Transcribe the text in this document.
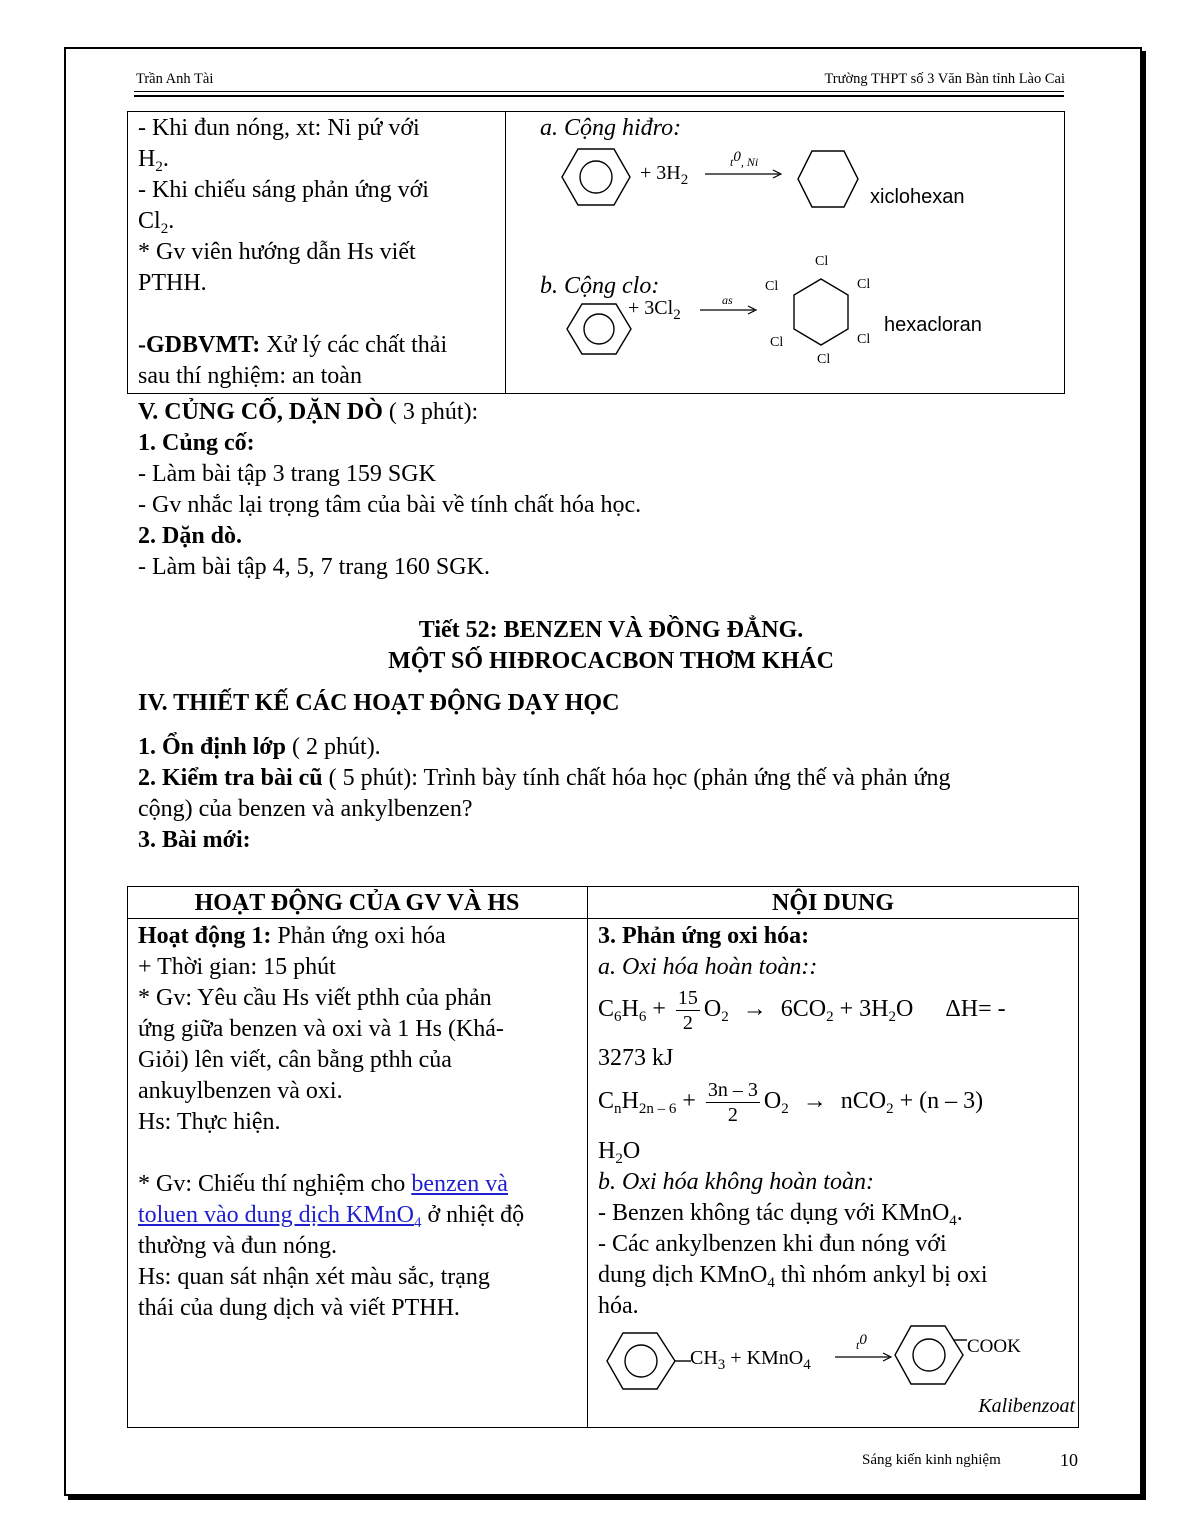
Trần Anh Tài	Trường THPT số 3 Văn Bàn tỉnh Lào Cai
- Khi đun nóng, xt: Ni pứ với
$H_2$.
- Khi chiếu sáng phản ứng với
$Cl_2$.
* Gv viên hướng dẫn Hs viết
PTHH.
-GDBVMT: Xử lý các chất thải
sau thí nghiệm: an toàn
a. Cộng hiđro:
+ $3H_2$
$t^0$, Ni
xiclohexan
b. Cộng clo:
+ $3Cl_2$
as
Cl
Cl	Cl
Cl	Cl
Cl
hexacloran
V. CỦNG CỐ, DẶN DÒ ( 3 phút):
1. Củng cố:
- Làm bài tập 3 trang 159 SGK
- Gv nhắc lại trọng tâm của bài về tính chất hóa học.
2. Dặn dò.
- Làm bài tập 4, 5, 7 trang 160 SGK.
Tiết 52: BENZEN VÀ ĐỒNG ĐẲNG.
MỘT SỐ HIĐROCACBON THƠM KHÁC
IV. THIẾT KẾ CÁC HOẠT ĐỘNG DẠY HỌC
1. Ổn định lớp ( 2 phút).
2. Kiểm tra bài cũ ( 5 phút): Trình bày tính chất hóa học (phản ứng thế và phản ứng
cộng) của benzen và ankylbenzen?
3. Bài mới:
HOẠT ĐỘNG CỦA GV VÀ HS	NỘI DUNG
Hoạt động 1: Phản ứng oxi hóa
+ Thời gian: 15 phút
* Gv: Yêu cầu Hs viết pthh của phản
ứng giữa benzen và oxi và 1 Hs (Khá-
Giỏi) lên viết, cân bằng pthh của
ankuylbenzen và oxi.
Hs: Thực hiện.
* Gv: Chiếu thí nghiệm cho benzen và
toluen vào dung dịch KMnO$_4$ ở nhiệt độ
thường và đun nóng.
Hs: quan sát nhận xét màu sắc, trạng
thái của dung dịch và viết PTHH.
3. Phản ứng oxi hóa:
a. Oxi hóa hoàn toàn::
$C_6H_6 + \frac{15}{2} O_2 \to 6CO_2 + 3H_2O$ ΔH= -
3273 kJ
$C_nH_{2n - 6} + \frac{3n - 3}{2} O_2 \to nCO_2 + (n - 3)$
$H_2O$
b. Oxi hóa không hoàn toàn:
- Benzen không tác dụng với KMnO$_4$.
- Các ankylbenzen khi đun nóng với
dung dịch KMnO$_4$ thì nhóm ankyl bị oxi
hóa.
$CH_3$ + KMnO$_4$
$t^0$	COOK
Kalibenzoat
Sáng kiến kinh nghiệm	10
